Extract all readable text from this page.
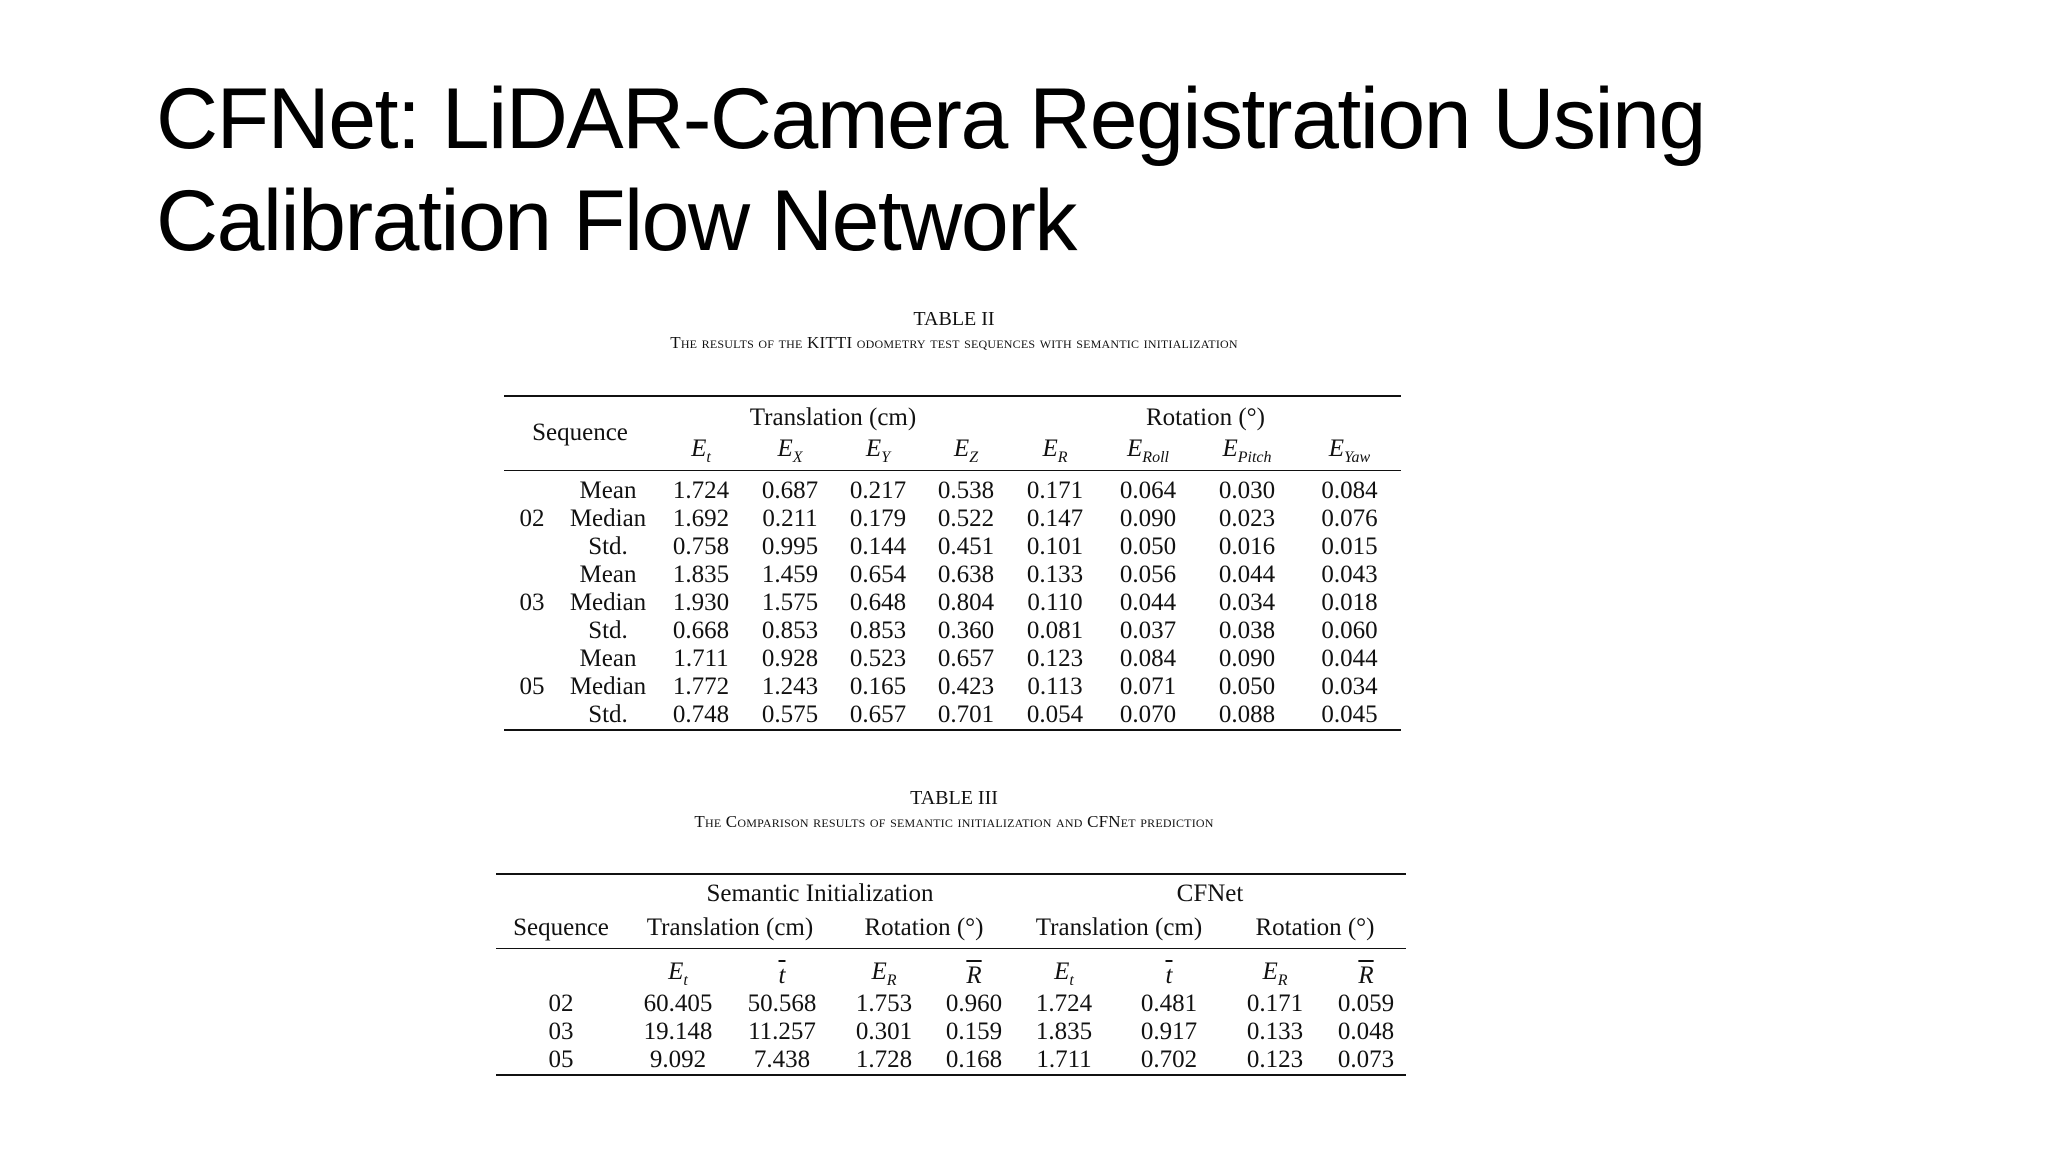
CFNet: LiDAR-Camera Registration Using
Calibration Flow Network
TABLE II
The results of the KITTI odometry test sequences with semantic initialization
Sequence		Translation (cm)				Rotation (°)			
		$E_t$	$E_X$	$E_Y$	$E_Z$	$E_R$	$E_{Roll}$	$E_{Pitch}$	$E_{Yaw}$
	Mean	1.724	0.687	0.217	0.538	0.171	0.064	0.030	0.084
02	Median	1.692	0.211	0.179	0.522	0.147	0.090	0.023	0.076
	Std.	0.758	0.995	0.144	0.451	0.101	0.050	0.016	0.015
	Mean	1.835	1.459	0.654	0.638	0.133	0.056	0.044	0.043
03	Median	1.930	1.575	0.648	0.804	0.110	0.044	0.034	0.018
	Std.	0.668	0.853	0.853	0.360	0.081	0.037	0.038	0.060
	Mean	1.711	0.928	0.523	0.657	0.123	0.084	0.090	0.044
05	Median	1.772	1.243	0.165	0.423	0.113	0.071	0.050	0.034
	Std.	0.748	0.575	0.657	0.701	0.054	0.070	0.088	0.045
TABLE III
The Comparison results of semantic initialization and CFNet prediction
	Semantic Initialization				CFNet			
Sequence	Translation (cm)		Rotation (°)		Translation (cm)		Rotation (°)	
	$E_t$	$\overline{t}$	$E_R$	$\overline{R}$	$E_t$	$\overline{t}$	$E_R$	$\overline{R}$
02	60.405	50.568	1.753	0.960	1.724	0.481	0.171	0.059
03	19.148	11.257	0.301	0.159	1.835	0.917	0.133	0.048
05	9.092	7.438	1.728	0.168	1.711	0.702	0.123	0.073
